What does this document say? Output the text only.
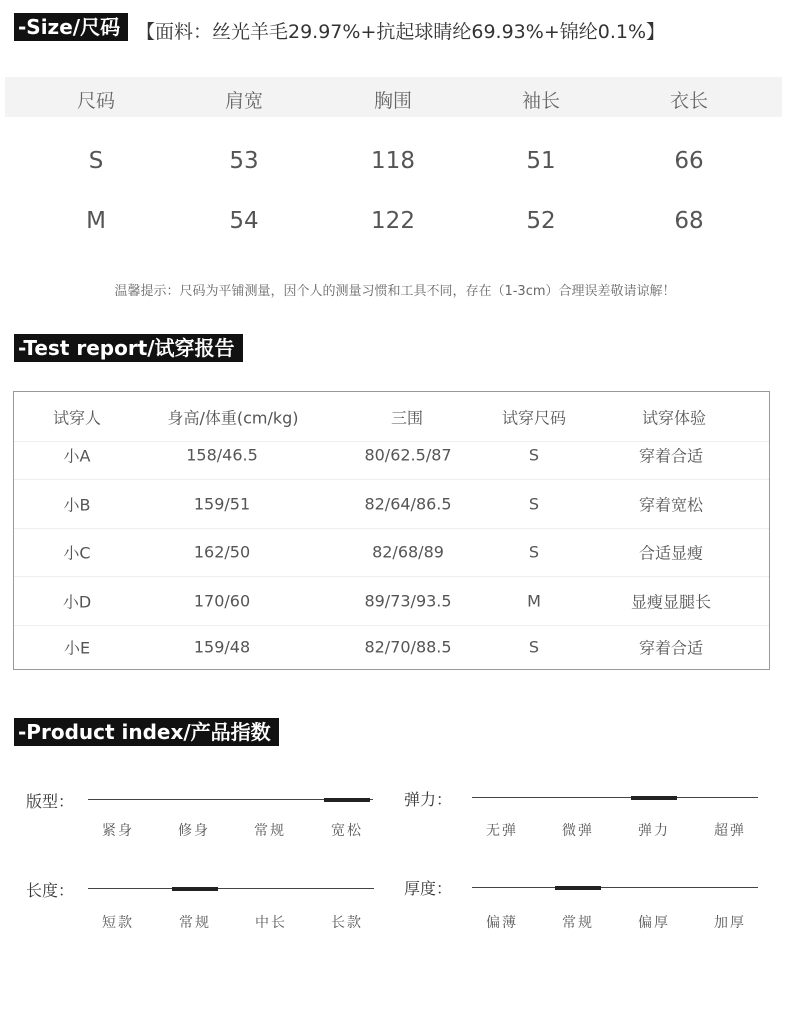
-Size/尺码 【面料：丝光羊毛29.97%+抗起球睛纶69.93%+锦纶0.1%】
尺码	肩宽	胸围	袖长	衣长
S	53	118	51	66
M	54	122	52	68
温馨提示：尺码为平铺测量，因个人的测量习惯和工具不同，存在（1-3cm）合理误差敬请谅解！
-Test report/试穿报告
试穿人	身高/体重(cm/kg)	三围	试穿尺码	试穿体验
小A	158/46.5	80/62.5/87	S	穿着合适
小B	159/51	82/64/86.5	S	穿着宽松
小C	162/50	82/68/89	S	合适显瘦
小D	170/60	89/73/93.5	M	显瘦显腿长
小E	159/48	82/70/88.5	S	穿着合适
-Product index/产品指数
版型：
紧身	修身	常规	宽松
弹力：
无弹	微弹	弹力	超弹
长度：
短款	常规	中长	长款
厚度：
偏薄	常规	偏厚	加厚
